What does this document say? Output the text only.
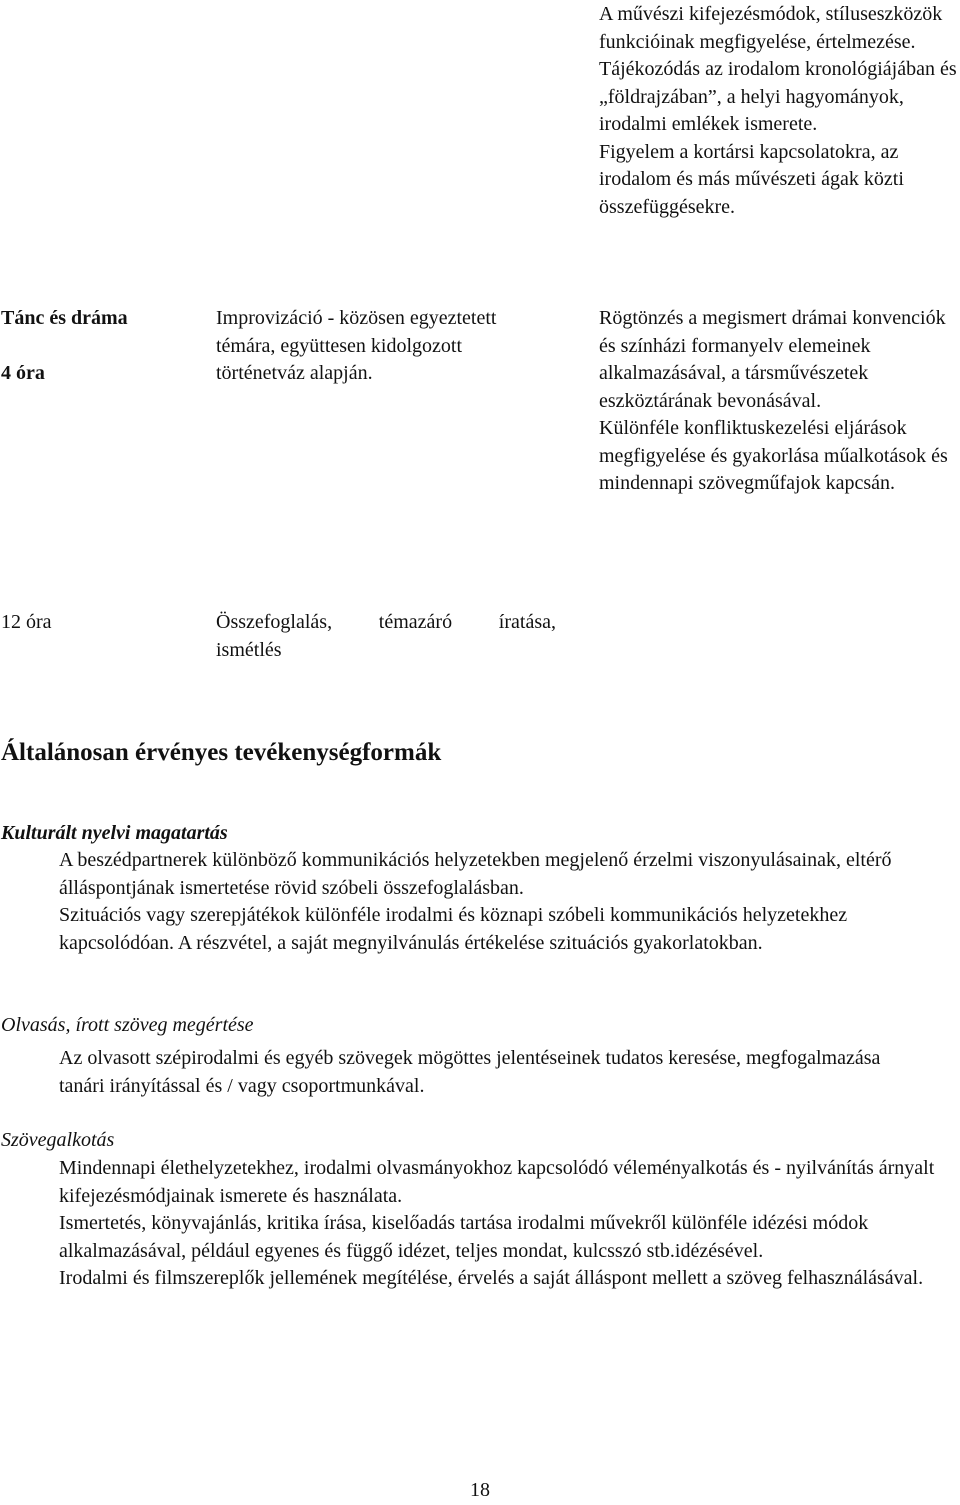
A művészi kifejezésmódok, stíluseszközök funkcióinak megfigyelése, értelmezése.
Tájékozódás az irodalom kronológiájában és „földrajzában”, a helyi hagyományok, irodalmi emlékek ismerete.
Figyelem a kortársi kapcsolatokra, az irodalom és más művészeti ágak közti összefüggésekre.
Tánc és dráma
4 óra
Improvizáció - közösen egyeztetett témára, együttesen kidolgozott történetváz alapján.
Rögtönzés a megismert drámai konvenciók és színházi formanyelv elemeinek alkalmazásával, a társművészetek eszköztárának bevonásával.
Különféle konfliktuskezelési eljárások megfigyelése és gyakorlása műalkotások és mindennapi szövegműfajok kapcsán.
12 óra	Összefoglalás, témazáró íratása,
ismétlés
Általánosan érvényes tevékenységformák
Kulturált nyelvi magatartás
A beszédpartnerek különböző kommunikációs helyzetekben megjelenő érzelmi viszonyulásainak, eltérő álláspontjának ismertetése rövid szóbeli összefoglalásban.
Szituációs vagy szerepjátékok különféle irodalmi és köznapi szóbeli kommunikációs helyzetekhez kapcsolódóan. A részvétel, a saját megnyilvánulás értékelése szituációs gyakorlatokban.
Olvasás, írott szöveg megértése
Az olvasott szépirodalmi és egyéb szövegek mögöttes jelentéseinek tudatos keresése, megfogalmazása tanári irányítással és / vagy csoportmunkával.
Szövegalkotás
Mindennapi élethelyzetekhez, irodalmi olvasmányokhoz kapcsolódó véleményalkotás és - nyilvánítás árnyalt kifejezésmódjainak ismerete és használata.
Ismertetés, könyvajánlás, kritika írása, kiselőadás tartása irodalmi művekről különféle idézési módok alkalmazásával, például egyenes és függő idézet, teljes mondat, kulcsszó stb.idézésével.
Irodalmi és filmszereplők jellemének megítélése, érvelés a saját álláspont mellett a szöveg felhasználásával.
18
